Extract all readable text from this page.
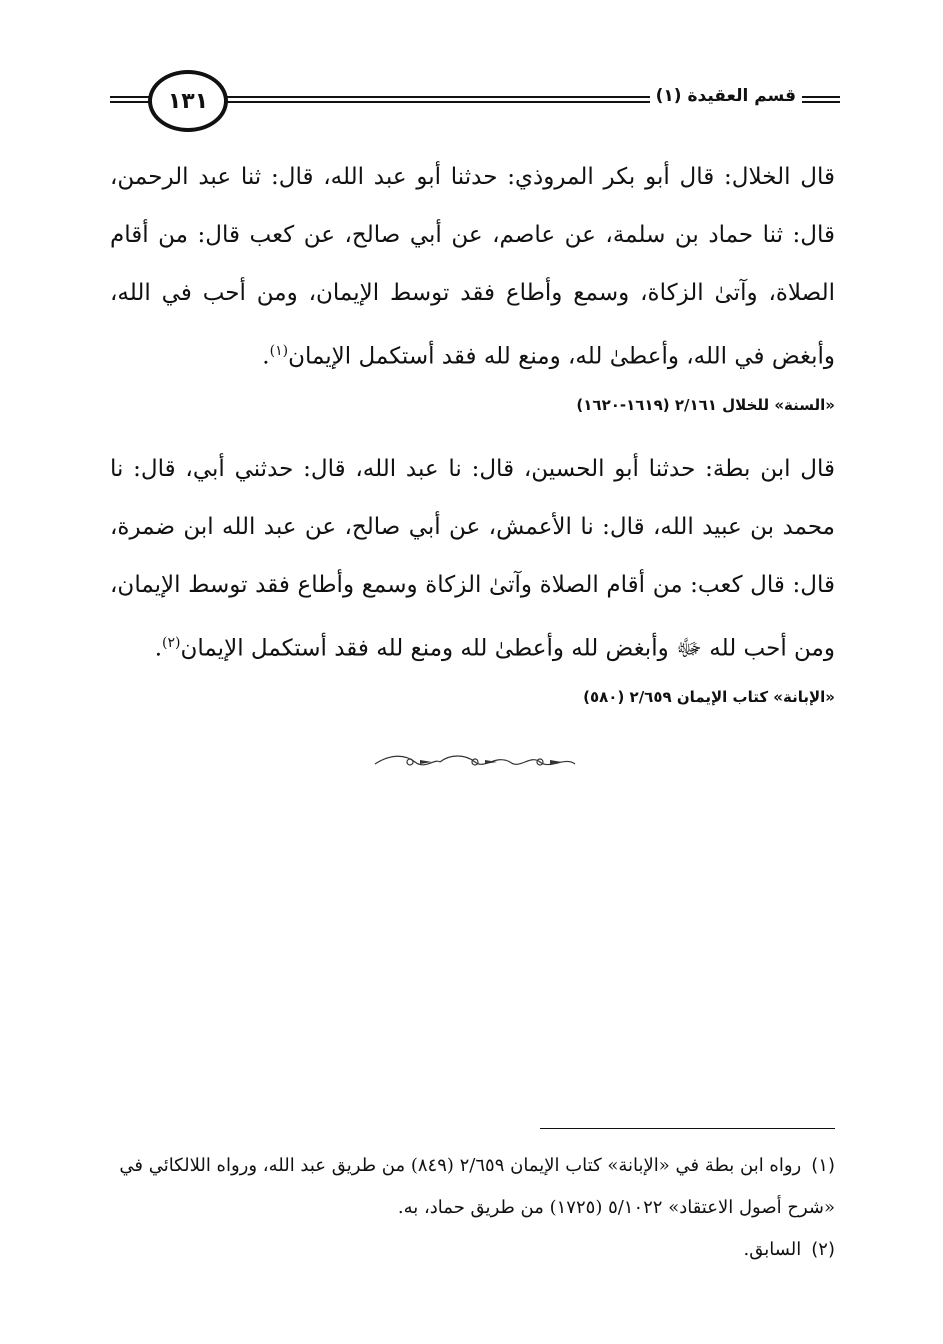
١٣١	قسم العقيدة (١)

قال الخلال: قال أبو بكر المروذي: حدثنا أبو عبد الله، قال: ثنا عبد الرحمن، قال: ثنا حماد بن سلمة، عن عاصم، عن أبي صالح، عن كعب قال: من أقام الصلاة، وآتىٰ الزكاة، وسمع وأطاع فقد توسط الإيمان، ومن أحب في الله، وأبغض في الله، وأعطىٰ لله، ومنع لله فقد أستكمل الإيمان$^{(١)}$.

«السنة» للخلال ٢/١٦١ (١٦١٩-١٦٢٠)

قال ابن بطة: حدثنا أبو الحسين، قال: نا عبد الله، قال: حدثني أبي، قال: نا محمد بن عبيد الله، قال: نا الأعمش، عن أبي صالح، عن عبد الله ابن ضمرة، قال: قال كعب: من أقام الصلاة وآتىٰ الزكاة وسمع وأطاع فقد توسط الإيمان، ومن أحب لله ﷻ وأبغض لله وأعطىٰ لله ومنع لله فقد أستكمل الإيمان$^{(٢)}$.

«الإبانة» كتاب الإيمان ٢/٦٥٩ (٥٨٠)

(١)رواه ابن بطة في «الإبانة» كتاب الإيمان ٢/٦٥٩ (٨٤٩) من طريق عبد الله، ورواه اللالكائي في «شرح أصول الاعتقاد» ٥/١٠٢٢ (١٧٢٥) من طريق حماد، به.

(٢)السابق.
